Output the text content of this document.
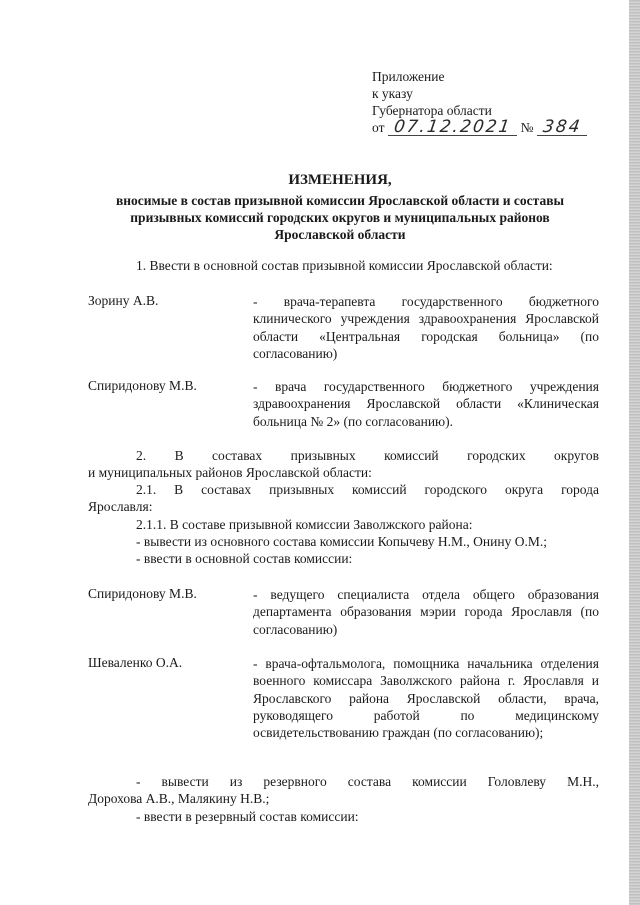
Приложение
к указу
Губернатора области
от 07.12.2021 № 384
ИЗМЕНЕНИЯ,
вносимые в состав призывной комиссии Ярославской области и составы
призывных комиссий городских округов и муниципальных районов
Ярославской области
1. Ввести в основной состав призывной комиссии Ярославской области:
Зорину А.В.	- врача-терапевта государственного бюджетного клинического учреждения здравоохранения Ярославской области «Центральная городская больница» (по согласованию)
Спиридонову М.В.	- врача государственного бюджетного учреждения здравоохранения Ярославской области «Клиническая больница № 2» (по согласованию).
2. В составах призывных комиссий городских округов
и муниципальных районов Ярославской области:
2.1. В составах призывных комиссий городского округа города
Ярославля:
2.1.1. В составе призывной комиссии Заволжского района:
- вывести из основного состава комиссии Копычеву Н.М., Онину О.М.;
- ввести в основной состав комиссии:
Спиридонову М.В.	- ведущего специалиста отдела общего образования департамента образования мэрии города Ярославля (по согласованию)
Шеваленко О.А.	- врача-офтальмолога, помощника начальника отделения военного комиссара Заволжского района г. Ярославля и Ярославского района Ярославской области, врача, руководящего работой по медицинскому освидетельствованию граждан (по согласованию);
- вывести из резервного состава комиссии Головлеву М.Н.,
Дорохова А.В., Малякину Н.В.;
- ввести в резервный состав комиссии:
